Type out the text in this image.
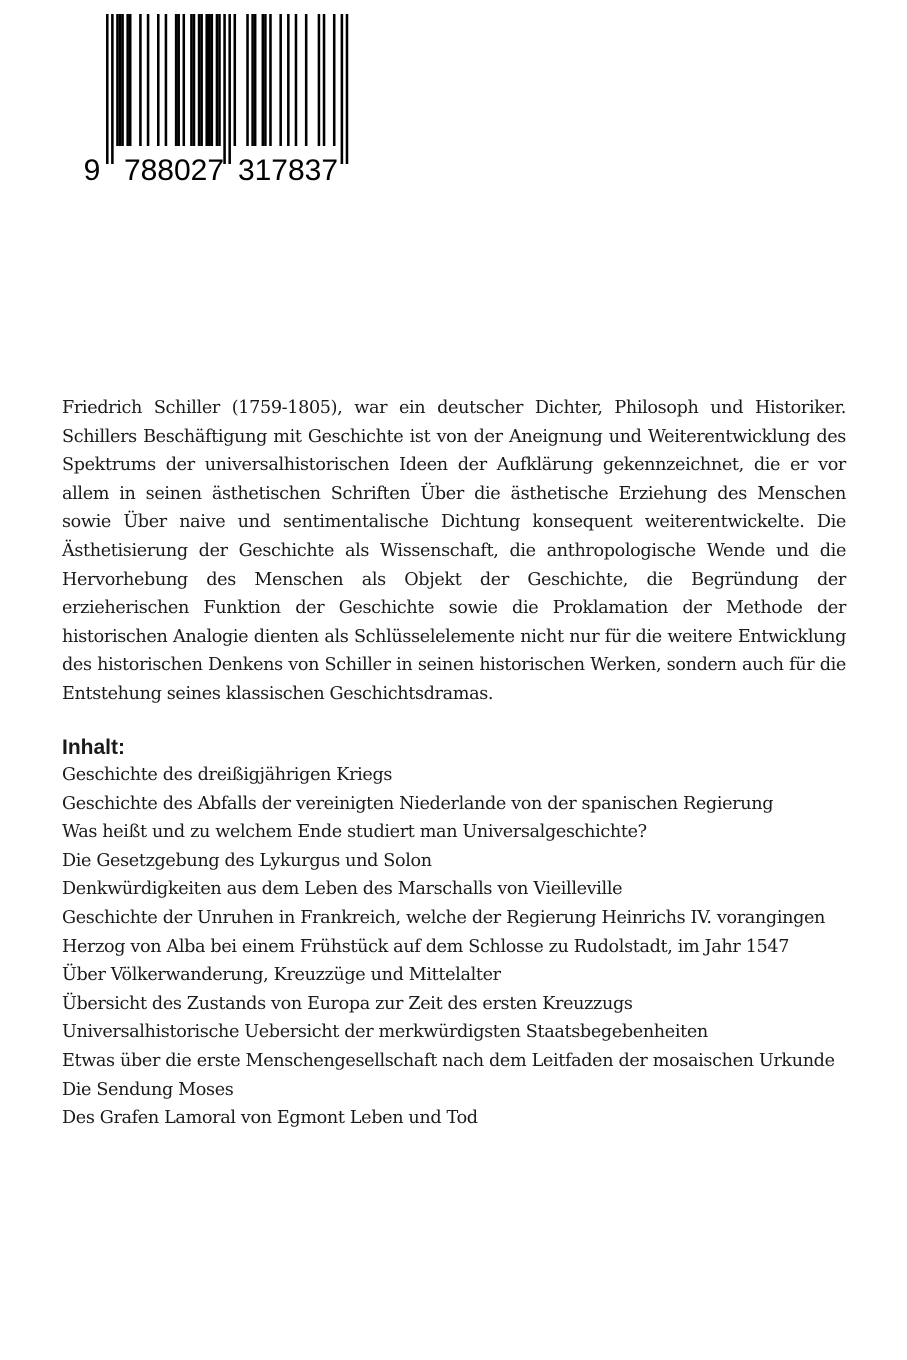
9 788027 317837

Friedrich Schiller (1759-1805), war ein deutscher Dichter, Philosoph und Historiker. Schillers Beschäftigung mit Geschichte ist von der Aneignung und Weiterentwicklung des Spektrums der universalhistorischen Ideen der Aufklärung gekennzeichnet, die er vor allem in seinen ästhetischen Schriften Über die ästhetische Erziehung des Menschen sowie Über naive und sentimentalische Dichtung konsequent weiterentwickelte. Die Ästhetisierung der Geschichte als Wissenschaft, die anthropologische Wende und die Hervorhebung des Menschen als Objekt der Geschichte, die Begründung der erzieherischen Funktion der Geschichte sowie die Proklamation der Methode der historischen Analogie dienten als Schlüsselelemente nicht nur für die weitere Entwicklung des historischen Denkens von Schiller in seinen historischen Werken, sondern auch für die Entstehung seines klassischen Geschichtsdramas.

Inhalt:
Geschichte des dreißigjährigen Kriegs
Geschichte des Abfalls der vereinigten Niederlande von der spanischen Regierung
Was heißt und zu welchem Ende studiert man Universalgeschichte?
Die Gesetzgebung des Lykurgus und Solon
Denkwürdigkeiten aus dem Leben des Marschalls von Vieilleville
Geschichte der Unruhen in Frankreich, welche der Regierung Heinrichs IV. vorangingen
Herzog von Alba bei einem Frühstück auf dem Schlosse zu Rudolstadt, im Jahr 1547
Über Völkerwanderung, Kreuzzüge und Mittelalter
Übersicht des Zustands von Europa zur Zeit des ersten Kreuzzugs
Universalhistorische Uebersicht der merkwürdigsten Staatsbegebenheiten
Etwas über die erste Menschengesellschaft nach dem Leitfaden der mosaischen Urkunde
Die Sendung Moses
Des Grafen Lamoral von Egmont Leben und Tod
